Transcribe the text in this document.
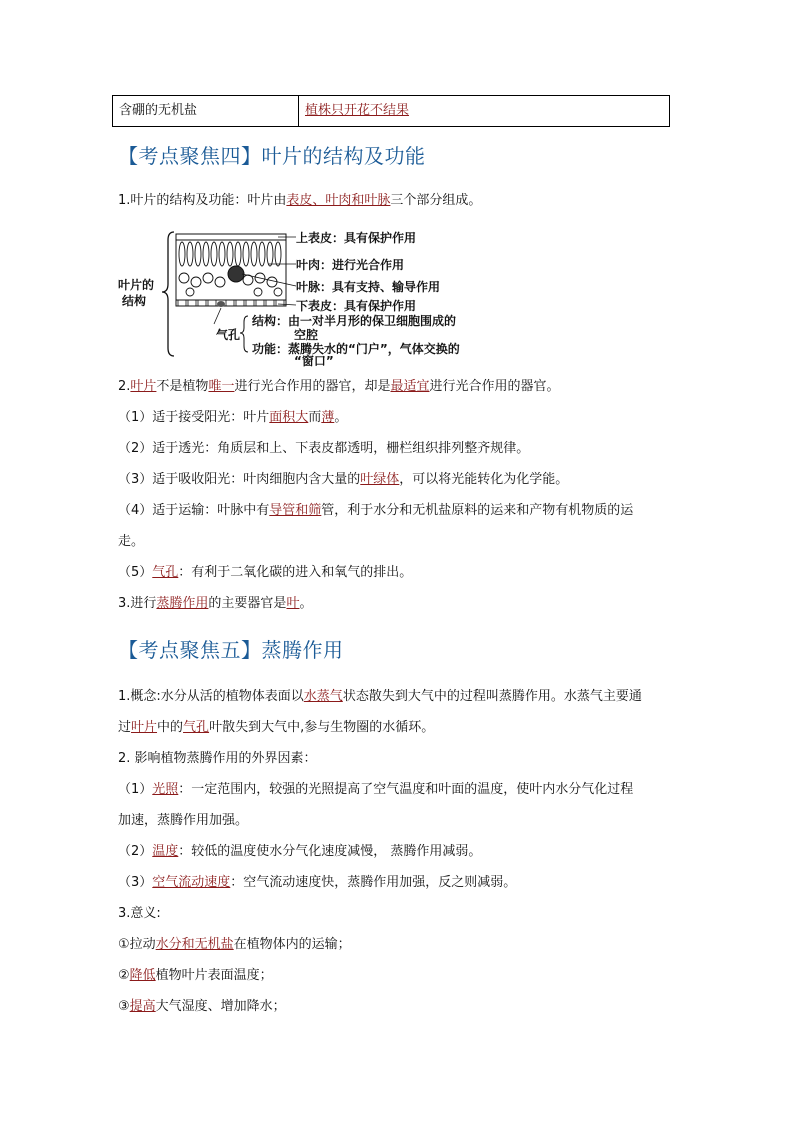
含硼的无机盐	植株只开花不结果
【考点聚焦四】叶片的结构及功能

1.叶片的结构及功能：叶片由表皮、叶肉和叶脉三个部分组成。

叶片的
结构
上表皮：具有保护作用
叶肉：进行光合作用
叶脉：具有支持、输导作用
下表皮：具有保护作用
气孔
结构：由一对半月形的保卫细胞围成的
空腔
功能：蒸腾失水的“门户”，气体交换的
“窗口”

2.叶片不是植物唯一进行光合作用的器官，却是最适宜进行光合作用的器官。

（1）适于接受阳光：叶片面积大而薄。

（2）适于透光：角质层和上、下表皮都透明，栅栏组织排列整齐规律。

（3）适于吸收阳光：叶肉细胞内含大量的叶绿体，可以将光能转化为化学能。

（4）适于运输：叶脉中有导管和筛管，利于水分和无机盐原料的运来和产物有机物质的运

走。

（5）气孔：有利于二氧化碳的进入和氧气的排出。

3.进行蒸腾作用的主要器官是叶。

【考点聚焦五】蒸腾作用

1.概念:水分从活的植物体表面以水蒸气状态散失到大气中的过程叫蒸腾作用。水蒸气主要通

过叶片中的气孔叶散失到大气中,参与生物圈的水循环。

2. 影响植物蒸腾作用的外界因素：

（1）光照：一定范围内，较强的光照提高了空气温度和叶面的温度，使叶内水分气化过程

加速，蒸腾作用加强。

（2）温度：较低的温度使水分气化速度减慢， 蒸腾作用减弱。

（3）空气流动速度：空气流动速度快，蒸腾作用加强，反之则减弱。

3.意义:

①拉动水分和无机盐在植物体内的运输；

②降低植物叶片表面温度；

③提高大气湿度、增加降水；
